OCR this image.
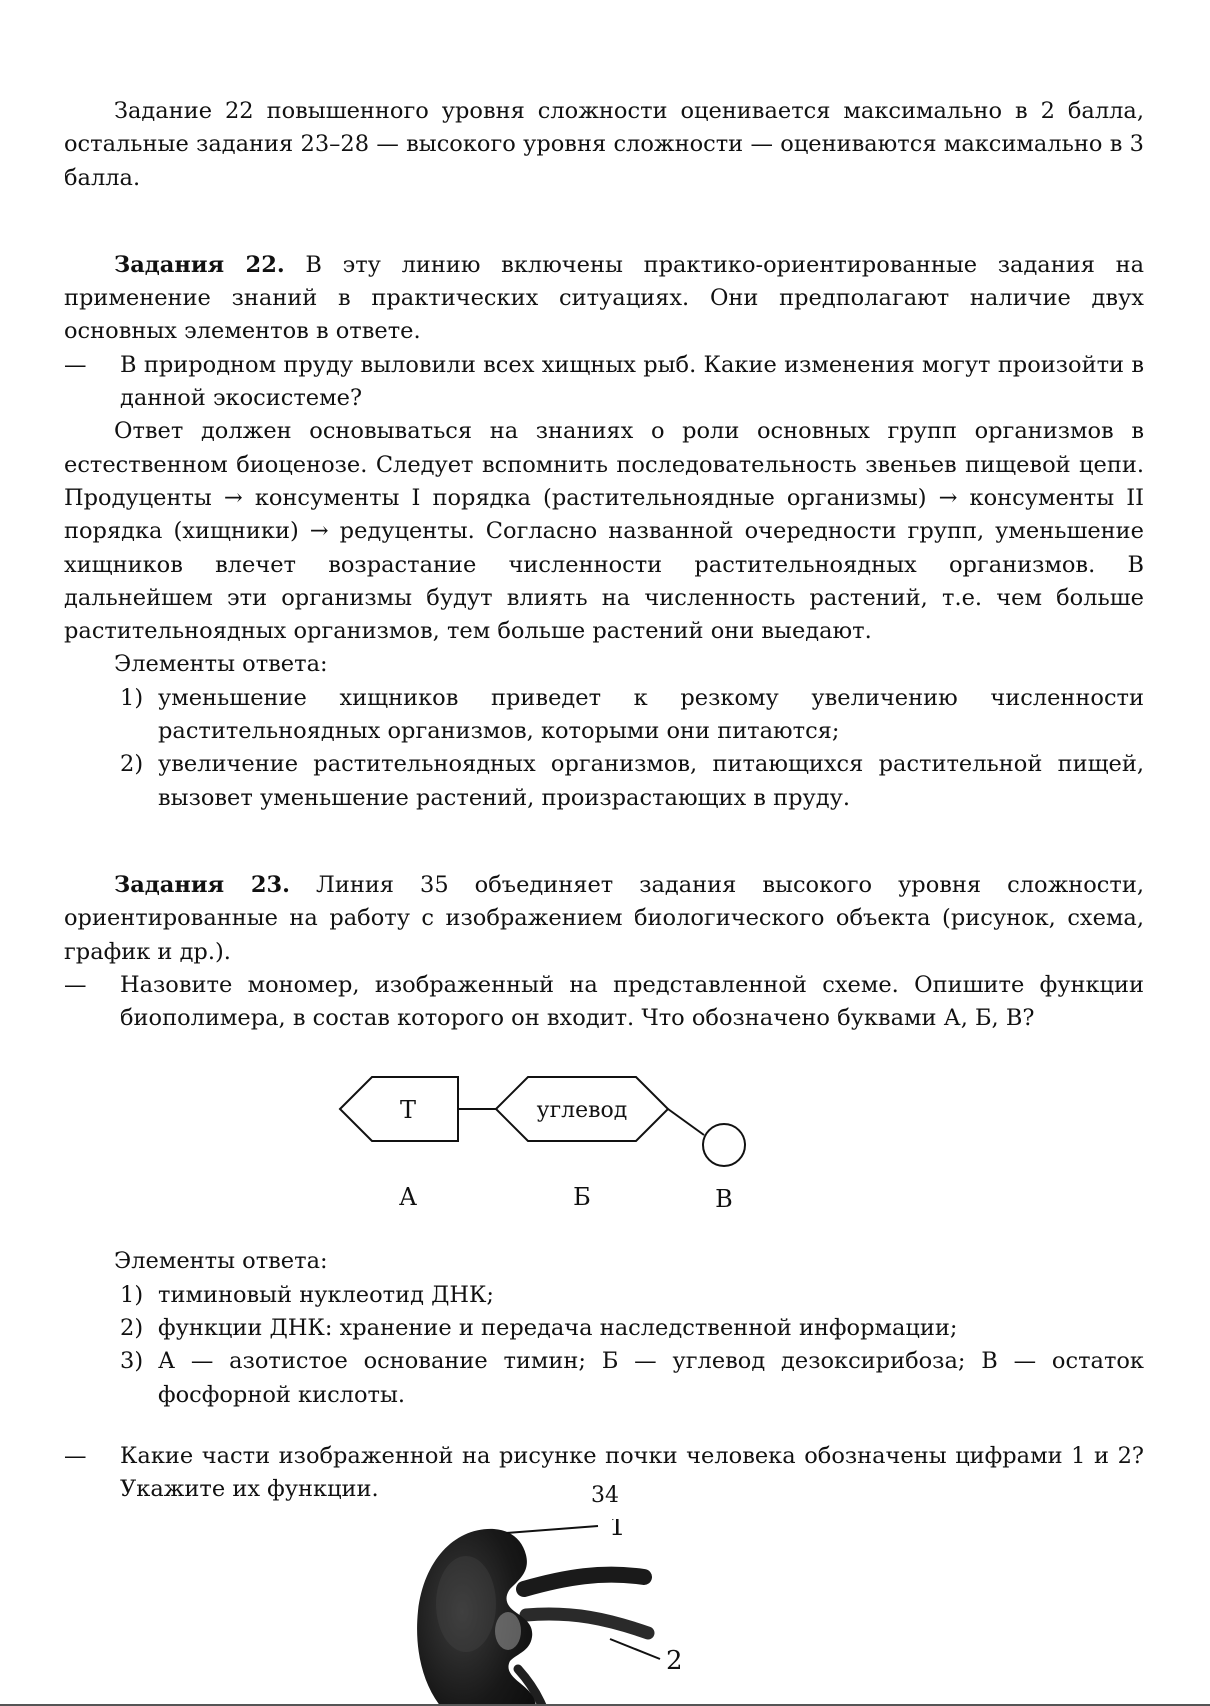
Задание 22 повышенного уровня сложности оценивается максимально в 2 балла, остальные задания 23–28 — высокого уровня сложности — оцениваются максимально в 3 балла.

Задания 22. В эту линию включены практико-ориентированные задания на применение знаний в практических ситуациях. Они предполагают наличие двух основных элементов в ответе.

—	В природном пруду выловили всех хищных рыб. Какие изменения могут произойти в данной экосистеме?

Ответ должен основываться на знаниях о роли основных групп организмов в естественном биоценозе. Следует вспомнить последовательность звеньев пищевой цепи. Продуценты → консументы I порядка (растительноядные организмы) → консументы II порядка (хищники) → редуценты. Согласно названной очередности групп, уменьшение хищников влечет возрастание численности растительноядных организмов. В дальнейшем эти организмы будут влиять на численность растений, т.е. чем больше растительноядных организмов, тем больше растений они выедают.

Элементы ответа:

1) уменьшение хищников приведет к резкому увеличению численности растительноядных организмов, которыми они питаются;
2) увеличение растительноядных организмов, питающихся растительной пищей, вызовет уменьшение растений, произрастающих в пруду.

Задания 23. Линия 35 объединяет задания высокого уровня сложности, ориентированные на работу с изображением биологического объекта (рисунок, схема, график и др.).

—	Назовите мономер, изображенный на представленной схеме. Опишите функции биополимера, в состав которого он входит. Что обозначено буквами А, Б, В?
Т	углевод
А	Б	В

Элементы ответа:

1) тиминовый нуклеотид ДНК;
2) функции ДНК: хранение и передача наследственной информации;
3) А — азотистое основание тимин; Б — углевод дезоксирибоза; В — остаток фосфорной кислоты.
—	Какие части изображенной на рисунке почки человека обозначены цифрами 1 и 2? Укажите их функции.
1
2
34
